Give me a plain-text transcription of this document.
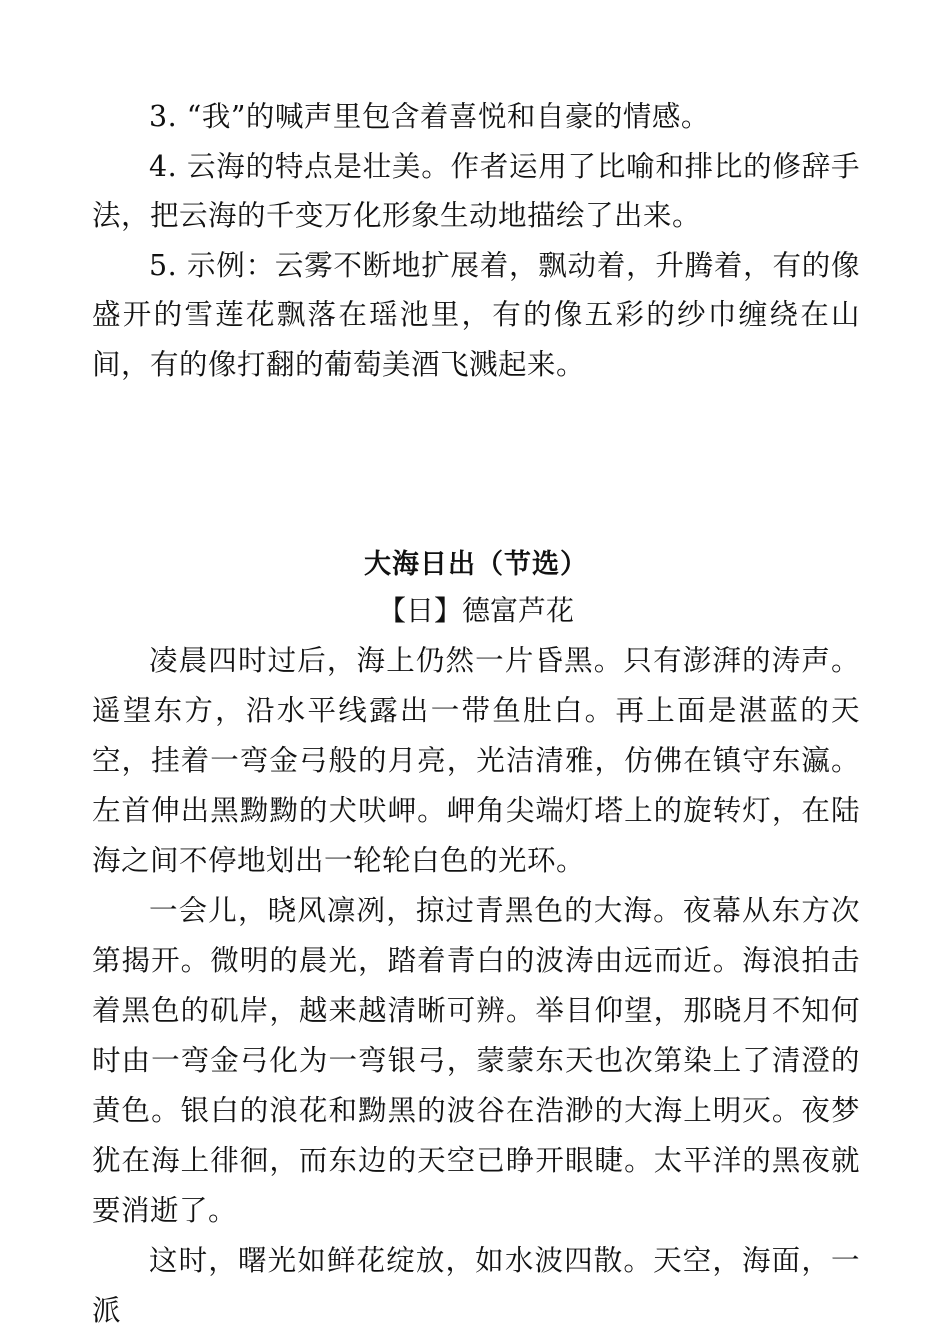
3. “我”的喊声里包含着喜悦和自豪的情感。

4. 云海的特点是壮美。作者运用了比喻和排比的修辞手法，把云海的千变万化形象生动地描绘了出来。

5. 示例：云雾不断地扩展着，飘动着，升腾着，有的像盛开的雪莲花飘落在瑶池里，有的像五彩的纱巾缠绕在山间，有的像打翻的葡萄美酒飞溅起来。

大海日出（节选）

【日】德富芦花

凌晨四时过后，海上仍然一片昏黑。只有澎湃的涛声。遥望东方，沿水平线露出一带鱼肚白。再上面是湛蓝的天空，挂着一弯金弓般的月亮，光洁清雅，仿佛在镇守东瀛。左首伸出黑黝黝的犬吠岬。岬角尖端灯塔上的旋转灯，在陆海之间不停地划出一轮轮白色的光环。

一会儿，晓风凛冽，掠过青黑色的大海。夜幕从东方次第揭开。微明的晨光，踏着青白的波涛由远而近。海浪拍击着黑色的矶岸，越来越清晰可辨。举目仰望，那晓月不知何时由一弯金弓化为一弯银弓，蒙蒙东天也次第染上了清澄的黄色。银白的浪花和黝黑的波谷在浩渺的大海上明灭。夜梦犹在海上徘徊，而东边的天空已睁开眼睫。太平洋的黑夜就要消逝了。

这时，曙光如鲜花绽放，如水波四散。天空，海面，一派
